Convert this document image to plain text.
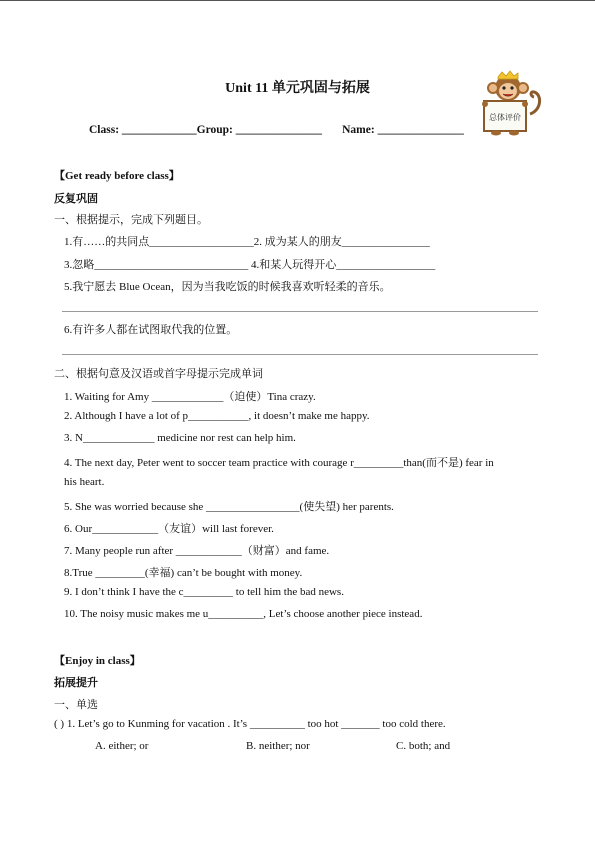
Unit 11 单元巩固与拓展
Class: _____________Group: _______________ Name: _______________
总体评价
【Get ready before class】
反复巩固
一、根据提示，完成下列题目。
1.有……的共同点___________________2. 成为某人的朋友________________
3.忽略____________________________ 4.和某人玩得开心__________________
5.我宁愿去 Blue Ocean，因为当我吃饭的时候我喜欢听轻柔的音乐。
6.有许多人都在试图取代我的位置。
二、根据句意及汉语或首字母提示完成单词
1. Waiting for Amy _____________（迫使）Tina crazy.
2. Although I have a lot of p___________, it doesn’t make me happy.
3. N_____________ medicine nor rest can help him.
4. The next day, Peter went to soccer team practice with courage r_________than(而不是) fear in
his heart.
5. She was worried because she _________________(使失望) her parents.
6. Our____________（友谊）will last forever.
7. Many people run after ____________（财富）and fame.
8.True _________(幸福) can’t be bought with money.
9. I don’t think I have the c_________ to tell him the bad news.
10. The noisy music makes me u__________, Let’s choose another piece instead.
【Enjoy in class】
拓展提升
一、单选
( ) 1. Let’s go to Kunming for vacation . It’s __________ too hot _______ too cold there.
A. either; or	B. neither; nor	C. both; and
